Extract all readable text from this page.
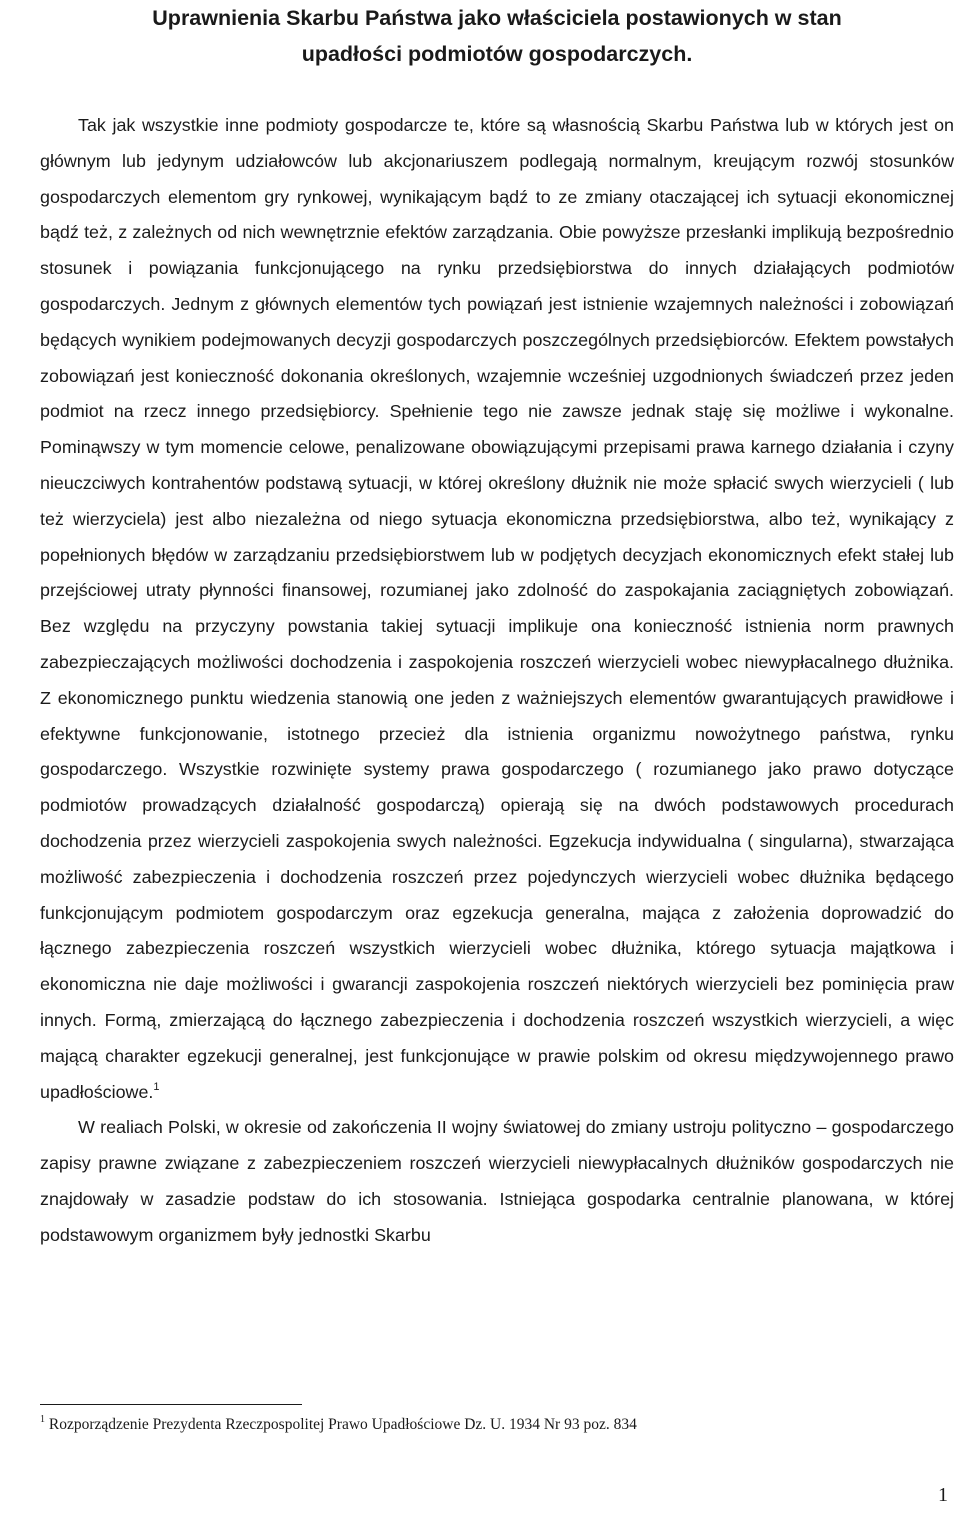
Uprawnienia Skarbu Państwa jako właściciela postawionych w stan
upadłości podmiotów gospodarczych.

Tak jak wszystkie inne podmioty gospodarcze te, które są własnością Skarbu Państwa lub w których jest on głównym lub jedynym udziałowców lub akcjonariuszem podlegają normalnym, kreującym rozwój stosunków gospodarczych elementom gry rynkowej, wynikającym bądź to ze zmiany otaczającej ich sytuacji ekonomicznej bądź też, z zależnych od nich wewnętrznie efektów zarządzania. Obie powyższe przesłanki implikują bezpośrednio stosunek i powiązania funkcjonującego na rynku przedsiębiorstwa do innych działających podmiotów gospodarczych. Jednym z głównych elementów tych powiązań jest istnienie wzajemnych należności i zobowiązań będących wynikiem podejmowanych decyzji gospodarczych poszczególnych przedsiębiorców. Efektem powstałych zobowiązań jest konieczność dokonania określonych, wzajemnie wcześniej uzgodnionych świadczeń przez jeden podmiot na rzecz innego przedsiębiorcy. Spełnienie tego nie zawsze jednak staję się możliwe i wykonalne. Pominąwszy w tym momencie celowe, penalizowane obowiązującymi przepisami prawa karnego działania i czyny nieuczciwych kontrahentów podstawą sytuacji, w której określony dłużnik nie może spłacić swych wierzycieli ( lub też wierzyciela) jest albo niezależna od niego sytuacja ekonomiczna przedsiębiorstwa, albo też, wynikający z popełnionych błędów w zarządzaniu przedsiębiorstwem lub w podjętych decyzjach ekonomicznych efekt stałej lub przejściowej utraty płynności finansowej, rozumianej jako zdolność do zaspokajania zaciągniętych zobowiązań. Bez względu na przyczyny powstania takiej sytuacji implikuje ona konieczność istnienia norm prawnych zabezpieczających możliwości dochodzenia i zaspokojenia roszczeń wierzycieli wobec niewypłacalnego dłużnika. Z ekonomicznego punktu wiedzenia stanowią one jeden z ważniejszych elementów gwarantujących prawidłowe i efektywne funkcjonowanie, istotnego przecież dla istnienia organizmu nowożytnego państwa, rynku gospodarczego. Wszystkie rozwinięte systemy prawa gospodarczego ( rozumianego jako prawo dotyczące podmiotów prowadzących działalność gospodarczą) opierają się na dwóch podstawowych procedurach dochodzenia przez wierzycieli zaspokojenia swych należności. Egzekucja indywidualna ( singularna), stwarzająca możliwość zabezpieczenia i dochodzenia roszczeń przez pojedynczych wierzycieli wobec dłużnika będącego funkcjonującym podmiotem gospodarczym oraz egzekucja generalna, mająca z założenia doprowadzić do łącznego zabezpieczenia roszczeń wszystkich wierzycieli wobec dłużnika, którego sytuacja majątkowa i ekonomiczna nie daje możliwości i gwarancji zaspokojenia roszczeń niektórych wierzycieli bez pominięcia praw innych. Formą, zmierzającą do łącznego zabezpieczenia i dochodzenia roszczeń wszystkich wierzycieli, a więc mającą charakter egzekucji generalnej, jest funkcjonujące w prawie polskim od okresu międzywojennego prawo upadłościowe.$^1$

W realiach Polski, w okresie od zakończenia II wojny światowej do zmiany ustroju polityczno – gospodarczego zapisy prawne związane z zabezpieczeniem roszczeń wierzycieli niewypłacalnych dłużników gospodarczych nie znajdowały w zasadzie podstaw do ich stosowania. Istniejąca gospodarka centralnie planowana, w której podstawowym organizmem były jednostki Skarbu

$^1$ Rozporządzenie Prezydenta Rzeczpospolitej Prawo Upadłościowe Dz. U. 1934 Nr 93 poz. 834
1
